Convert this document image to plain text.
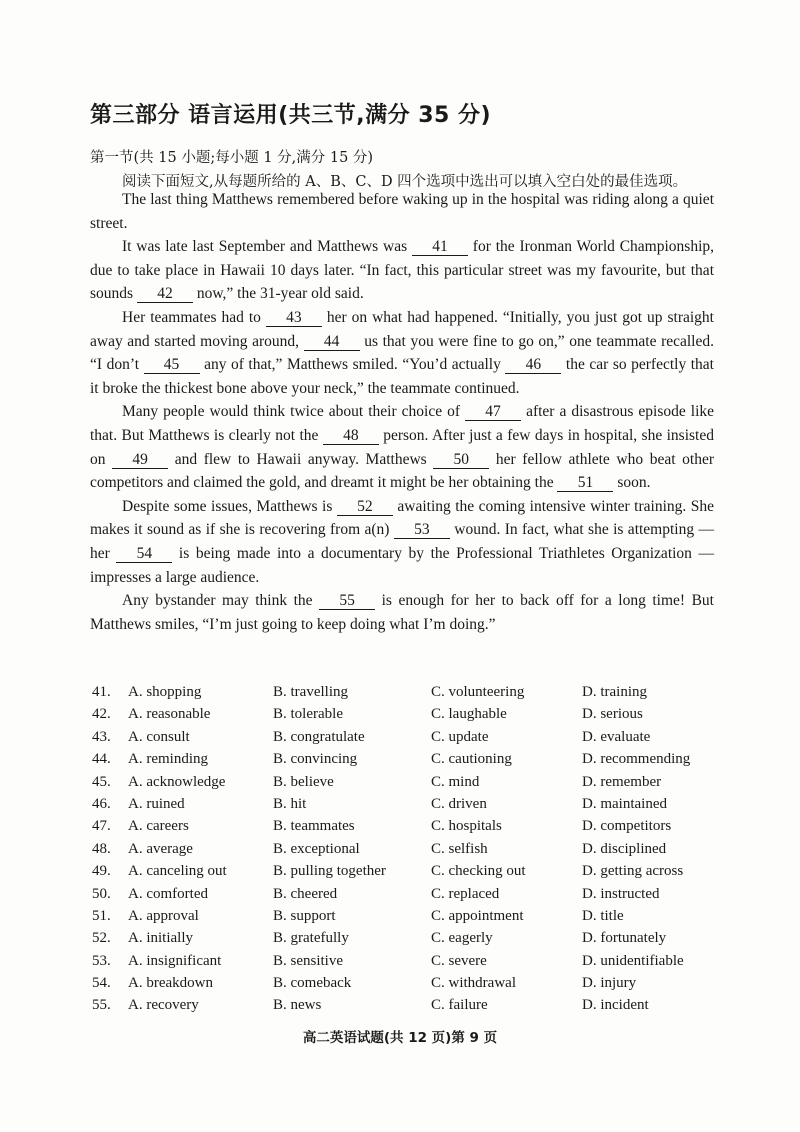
第三部分 语言运用(共三节,满分 35 分)
第一节(共 15 小题;每小题 1 分,满分 15 分)
阅读下面短文,从每题所给的 A、B、C、D 四个选项中选出可以填入空白处的最佳选项。

The last thing Matthews remembered before waking up in the hospital was riding along a quiet street.

It was late last September and Matthews was 41 for the Ironman World Championship, due to take place in Hawaii 10 days later. “In fact, this particular street was my favourite, but that sounds 42 now,” the 31-year old said.

Her teammates had to 43 her on what had happened. “Initially, you just got up straight away and started moving around, 44 us that you were fine to go on,” one teammate recalled. “I don’t 45 any of that,” Matthews smiled. “You’d actually 46 the car so perfectly that it broke the thickest bone above your neck,” the teammate continued.

Many people would think twice about their choice of 47 after a disastrous episode like that. But Matthews is clearly not the 48 person. After just a few days in hospital, she insisted on 49 and flew to Hawaii anyway. Matthews 50 her fellow athlete who beat other competitors and claimed the gold, and dreamt it might be her obtaining the 51 soon.

Despite some issues, Matthews is 52 awaiting the coming intensive winter training. She makes it sound as if she is recovering from a(n) 53 wound. In fact, what she is attempting — her 54 is being made into a documentary by the Professional Triathletes Organization — impresses a large audience.

Any bystander may think the 55 is enough for her to back off for a long time! But Matthews smiles, “I’m just going to keep doing what I’m doing.”

41. A. shopping	B. travelling	C. volunteering	D. training
42. A. reasonable	B. tolerable	C. laughable	D. serious
43. A. consult	B. congratulate	C. update	D. evaluate
44. A. reminding	B. convincing	C. cautioning	D. recommending
45. A. acknowledge	B. believe	C. mind	D. remember
46. A. ruined	B. hit	C. driven	D. maintained
47. A. careers	B. teammates	C. hospitals	D. competitors
48. A. average	B. exceptional	C. selfish	D. disciplined
49. A. canceling out	B. pulling together	C. checking out	D. getting across
50. A. comforted	B. cheered	C. replaced	D. instructed
51. A. approval	B. support	C. appointment	D. title
52. A. initially	B. gratefully	C. eagerly	D. fortunately
53. A. insignificant	B. sensitive	C. severe	D. unidentifiable
54. A. breakdown	B. comeback	C. withdrawal	D. injury
55. A. recovery	B. news	C. failure	D. incident
高二英语试题(共 12 页)第 9 页
